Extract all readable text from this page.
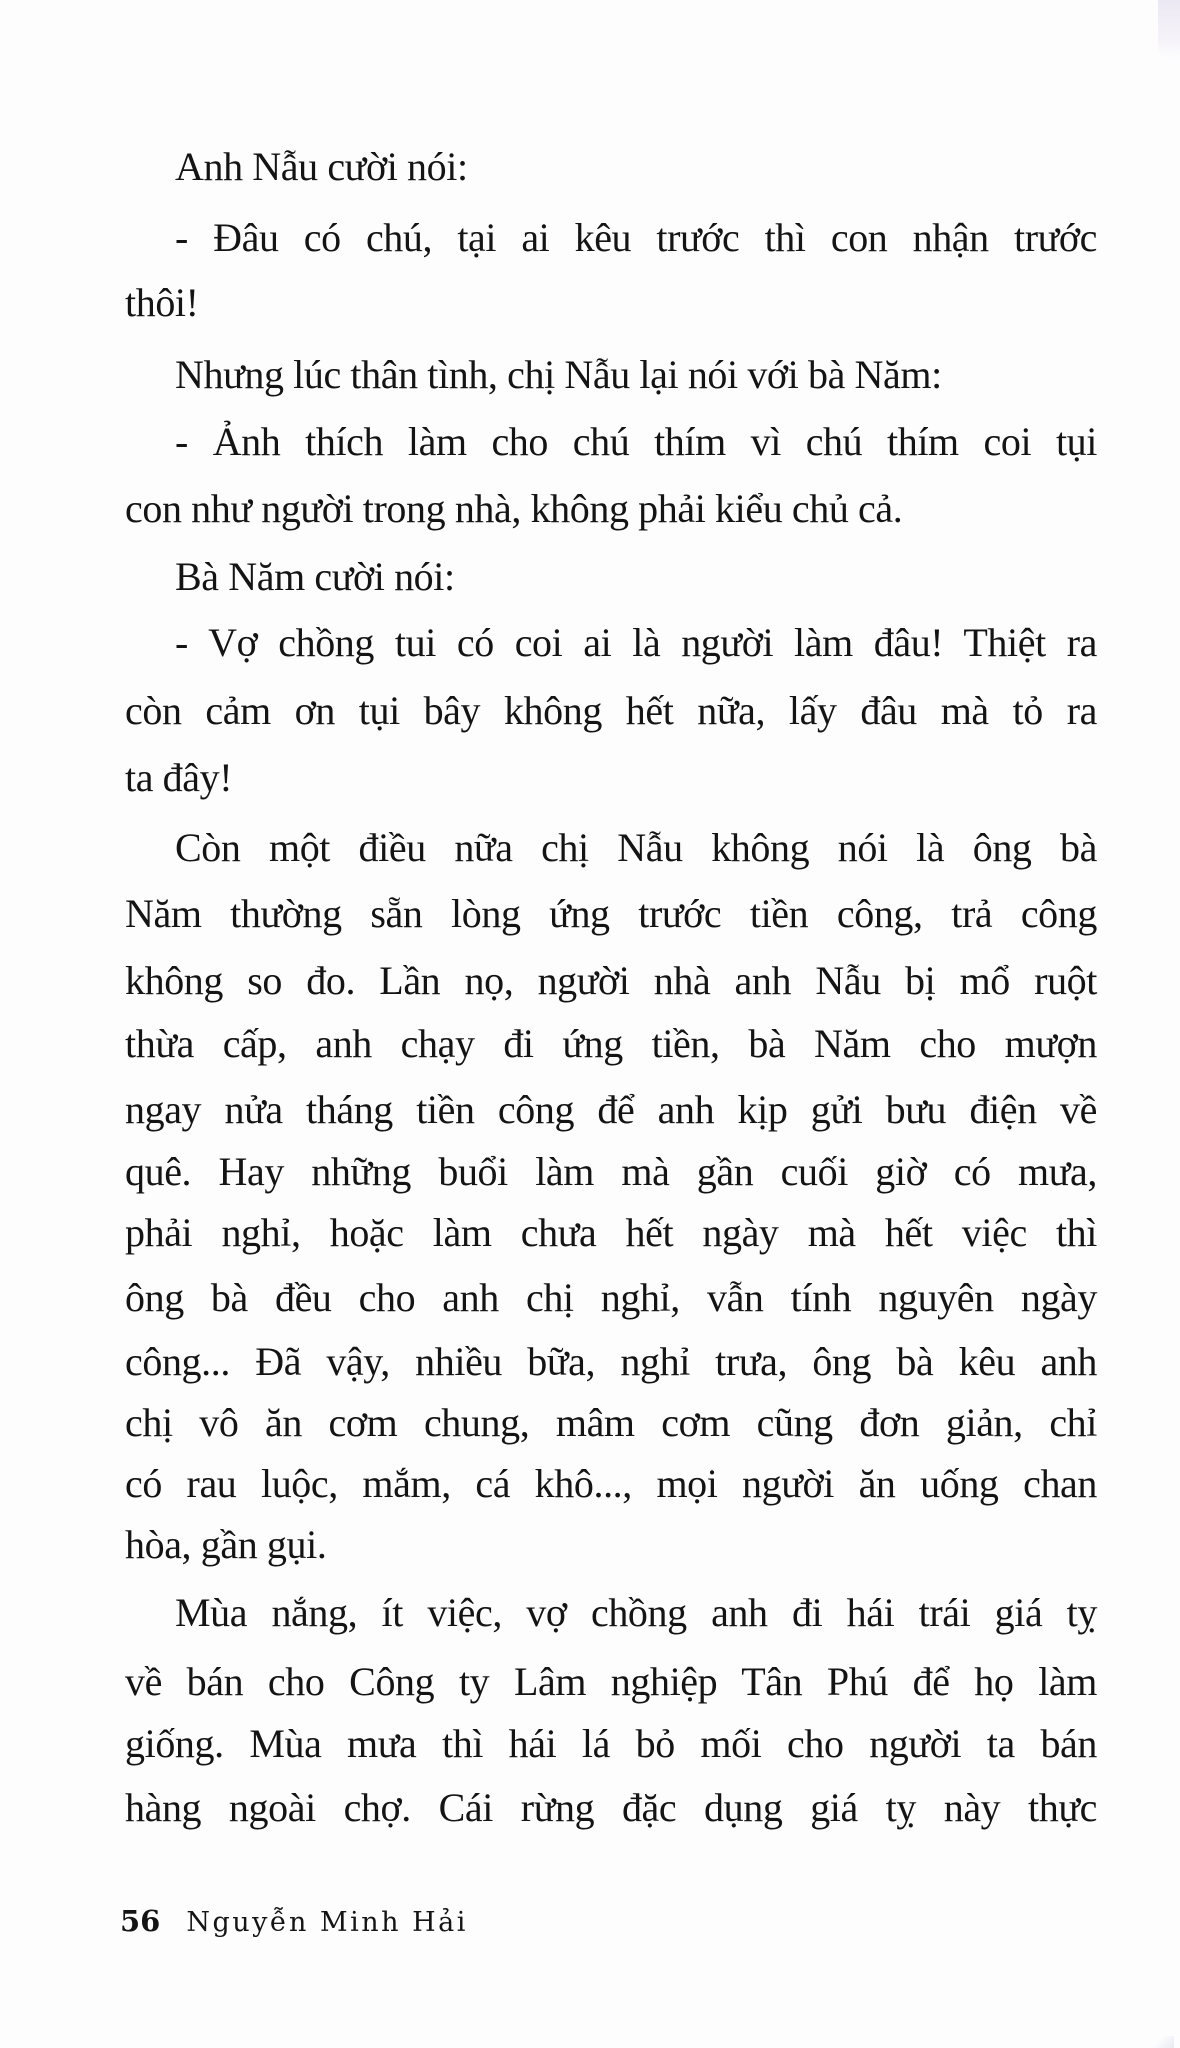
Anh Nẫu cười nói:
- Đâu có chú, tại ai kêu trước thì con nhận trước
thôi!
Nhưng lúc thân tình, chị Nẫu lại nói với bà Năm:
- Ảnh thích làm cho chú thím vì chú thím coi tụi
con như người trong nhà, không phải kiểu chủ cả.
Bà Năm cười nói:
- Vợ chồng tui có coi ai là người làm đâu! Thiệt ra
còn cảm ơn tụi bây không hết nữa, lấy đâu mà tỏ ra
ta đây!
Còn một điều nữa chị Nẫu không nói là ông bà
Năm thường sẵn lòng ứng trước tiền công, trả công
không so đo. Lần nọ, người nhà anh Nẫu bị mổ ruột
thừa cấp, anh chạy đi ứng tiền, bà Năm cho mượn
ngay nửa tháng tiền công để anh kịp gửi bưu điện về
quê. Hay những buổi làm mà gần cuối giờ có mưa,
phải nghỉ, hoặc làm chưa hết ngày mà hết việc thì
ông bà đều cho anh chị nghỉ, vẫn tính nguyên ngày
công... Đã vậy, nhiều bữa, nghỉ trưa, ông bà kêu anh
chị vô ăn cơm chung, mâm cơm cũng đơn giản, chỉ
có rau luộc, mắm, cá khô..., mọi người ăn uống chan
hòa, gần gụi.
Mùa nắng, ít việc, vợ chồng anh đi hái trái giá tỵ
về bán cho Công ty Lâm nghiệp Tân Phú để họ làm
giống. Mùa mưa thì hái lá bỏ mối cho người ta bán
hàng ngoài chợ. Cái rừng đặc dụng giá tỵ này thực
56 Nguyễn Minh Hải
